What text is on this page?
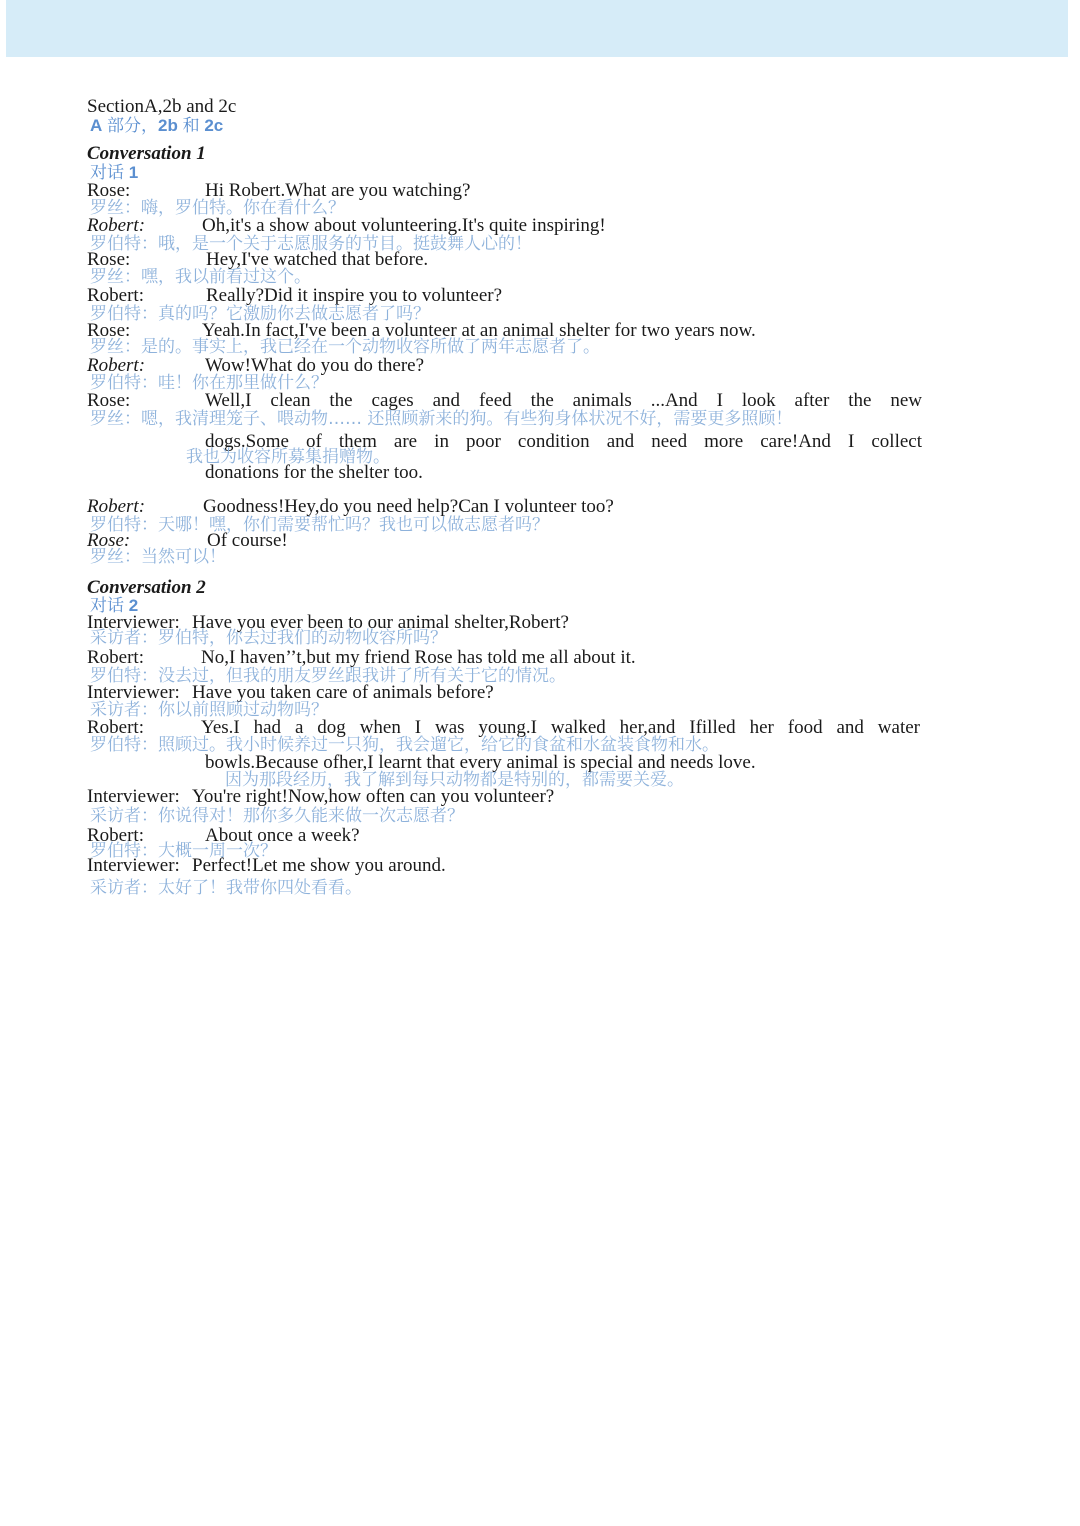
SectionA,2b and 2c
A 部分，2b 和 2c
Conversation 1
对话 1
Rose:	Hi Robert.What are you watching?
罗丝：嗨，罗伯特。你在看什么？
Robert:	Oh,it's a show about volunteering.It's quite inspiring!
罗伯特：哦，是一个关于志愿服务的节目。挺鼓舞人心的！
Rose:	Hey,I've watched that before.
罗丝：嘿，我以前看过这个。
Robert:	Really?Did it inspire you to volunteer?
罗伯特：真的吗？它激励你去做志愿者了吗？
Rose:	Yeah.In fact,I've been a volunteer at an animal shelter for two years now.
罗丝：是的。事实上，我已经在一个动物收容所做了两年志愿者了。
Robert:	Wow!What do you do there?
罗伯特：哇！你在那里做什么？
Rose:	Well,I clean the cages and feed the animals ...And I look after the new
罗丝：嗯，我清理笼子、喂动物…… 还照顾新来的狗。有些狗身体状况不好，需要更多照顾！
dogs.Some of them are in poor condition and need more care!And I collect
我也为收容所募集捐赠物。
donations for the shelter too.
Robert:	Goodness!Hey,do you need help?Can I volunteer too?
罗伯特：天哪！嘿，你们需要帮忙吗？我也可以做志愿者吗？
Rose:	Of course!
罗丝：当然可以！
Conversation 2
对话 2
Interviewer: Have you ever been to our animal shelter,Robert?
采访者：罗伯特，你去过我们的动物收容所吗？
Robert:	No,I haven’’t,but my friend Rose has told me all about it.
罗伯特：没去过，但我的朋友罗丝跟我讲了所有关于它的情况。
Interviewer: Have you taken care of animals before?
采访者：你以前照顾过动物吗？
Robert:	Yes.I had a dog when I was young.I walked her,and Ifilled her food and water
罗伯特：照顾过。我小时候养过一只狗，我会遛它，给它的食盆和水盆装食物和水。
bowls.Because ofher,I learnt that every animal is special and needs love.
因为那段经历，我了解到每只动物都是特别的，都需要关爱。
Interviewer: You're right!Now,how often can you volunteer?
采访者：你说得对！那你多久能来做一次志愿者？
Robert:	About once a week?
罗伯特：大概一周一次？
Interviewer: Perfect!Let me show you around.
采访者：太好了！我带你四处看看。
